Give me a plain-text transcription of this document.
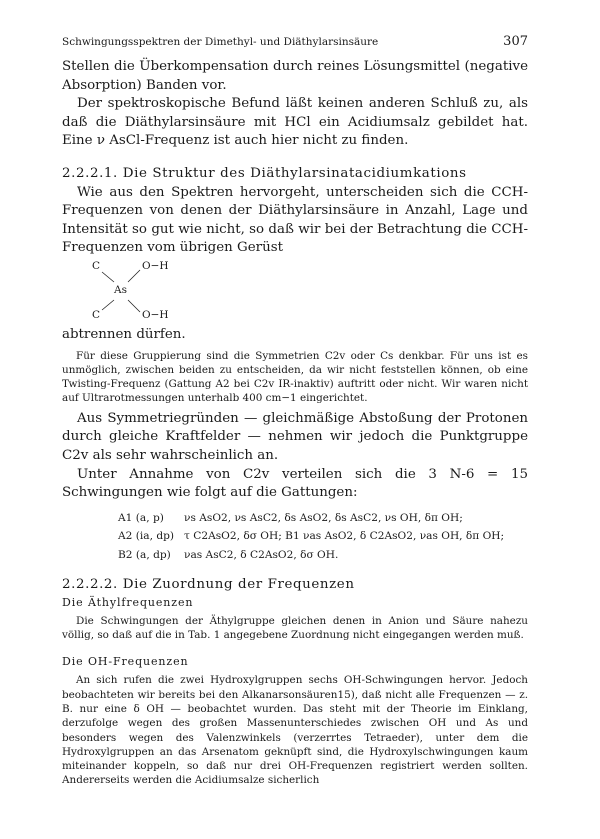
Schwingungsspektren der Dimethyl- und Diäthylarsinsäure	307

Stellen die Überkompensation durch reines Lösungsmittel (negative Absorption) Banden vor.

Der spektroskopische Befund läßt keinen anderen Schluß zu, als daß die Diäthylarsinsäure mit HCl ein Acidiumsalz gebildet hat. Eine ν AsCl-Frequenz ist auch hier nicht zu finden.

2.2.2.1. Die Struktur des Diäthylarsinatacidiumkations

Wie aus den Spektren hervorgeht, unterscheiden sich die CCH-Frequenzen von denen der Diäthylarsinsäure in Anzahl, Lage und Intensität so gut wie nicht, so daß wir bei der Betrachtung die CCH-Frequenzen vom übrigen Gerüst

C	O−H
As
C	O−H

abtrennen dürfen.

Für diese Gruppierung sind die Symmetrien C2v oder Cs denkbar. Für uns ist es unmöglich, zwischen beiden zu entscheiden, da wir nicht feststellen können, ob eine Twisting-Frequenz (Gattung A2 bei C2v IR-inaktiv) auftritt oder nicht. Wir waren nicht auf Ultrarotmessungen unterhalb 400 cm−1 eingerichtet.

Aus Symmetriegründen — gleichmäßige Abstoßung der Protonen durch gleiche Kraftfelder — nehmen wir jedoch die Punktgruppe C2v als sehr wahrscheinlich an.

Unter Annahme von C2v verteilen sich die 3 N-6 = 15 Schwingungen wie folgt auf die Gattungen:

A1 (a, p)	νs AsO2, νs AsC2, δs AsO2, δs AsC2, νs OH, δπ OH;
A2 (ia, dp) τ C2AsO2, δσ OH; B1 νas AsO2, δ C2AsO2, νas OH, δπ OH;
B2 (a, dp)	νas AsC2, δ C2AsO2, δσ OH.

2.2.2.2. Die Zuordnung der Frequenzen

Die Äthylfrequenzen

Die Schwingungen der Äthylgruppe gleichen denen in Anion und Säure nahezu völlig, so daß auf die in Tab. 1 angegebene Zuordnung nicht eingegangen werden muß.

Die OH-Frequenzen

An sich rufen die zwei Hydroxylgruppen sechs OH-Schwingungen hervor. Jedoch beobachteten wir bereits bei den Alkanarsonsäuren15), daß nicht alle Frequenzen — z. B. nur eine δ OH — beobachtet wurden. Das steht mit der Theorie im Einklang, derzufolge wegen des großen Massenunterschiedes zwischen OH und As und besonders wegen des Valenzwinkels (verzerrtes Tetraeder), unter dem die Hydroxylgruppen an das Arsenatom geknüpft sind, die Hydroxylschwingungen kaum miteinander koppeln, so daß nur drei OH-Frequenzen registriert werden sollten. Andererseits werden die Acidiumsalze sicherlich
